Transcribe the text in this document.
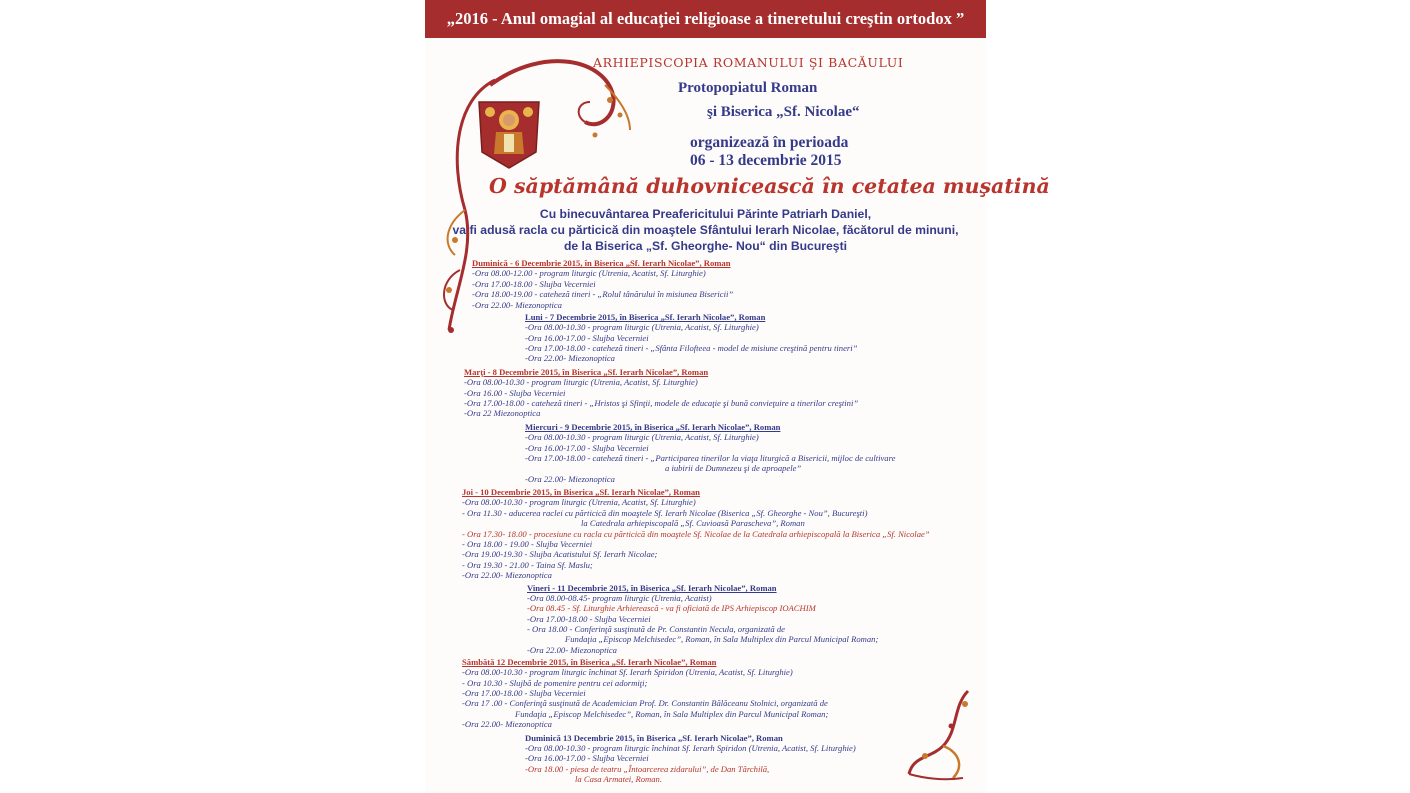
„2016 - Anul omagial al educaţiei religioase a tineretului creştin ortodox ”
ARHIEPISCOPIA ROMANULUI ŞI BACĂULUI
Protopopiatul Roman
şi Biserica „Sf. Nicolae“
organizează în perioada
06 - 13 decembrie 2015
O săptămână duhovnicească în cetatea muşatină
Cu binecuvântarea Preafericitului Părinte Patriarh Daniel,
va fi adusă racla cu părticică din moaştele Sfântului Ierarh Nicolae, făcătorul de minuni,
de la Biserica „Sf. Gheorghe- Nou“ din Bucureşti
Duminică - 6 Decembrie 2015, în Biserica „Sf. Ierarh Nicolae”, Roman
-Ora 08.00-12.00 - program liturgic (Utrenia, Acatist, Sf. Liturghie)
-Ora 17.00-18.00 - Slujba Vecerniei
-Ora 18.00-19.00 - cateheză tineri - „Rolul tânărului în misiunea Bisericii”
-Ora 22.00- Miezonoptica
Luni - 7 Decembrie 2015, în Biserica „Sf. Ierarh Nicolae”, Roman
-Ora 08.00-10.30 - program liturgic (Utrenia, Acatist, Sf. Liturghie)
-Ora 16.00-17.00 - Slujba Vecerniei
-Ora 17.00-18.00 - cateheză tineri - „Sfânta Filofteea - model de misiune creştină pentru tineri”
-Ora 22.00- Miezonoptica
Marţi - 8 Decembrie 2015, în Biserica „Sf. Ierarh Nicolae”, Roman
-Ora 08.00-10.30 - program liturgic (Utrenia, Acatist, Sf. Liturghie)
-Ora 16.00 - Slujba Vecerniei
-Ora 17.00-18.00 - cateheză tineri - „Hristos şi Sfinţii, modele de educaţie şi bună convieţuire a tinerilor creştini”
-Ora 22 Miezonoptica
Miercuri - 9 Decembrie 2015, în Biserica „Sf. Ierarh Nicolae”, Roman
-Ora 08.00-10.30 - program liturgic (Utrenia, Acatist, Sf. Liturghie)
-Ora 16.00-17.00 - Slujba Vecerniei
-Ora 17.00-18.00 - cateheză tineri - „Participarea tinerilor la viaţa liturgică a Bisericii, mijloc de cultivare
a iubirii de Dumnezeu şi de aproapele”
-Ora 22.00- Miezonoptica
Joi - 10 Decembrie 2015, în Biserica „Sf. Ierarh Nicolae”, Roman
-Ora 08.00-10.30 - program liturgic (Utrenia, Acatist, Sf. Liturghie)
- Ora 11.30 - aducerea raclei cu părticică din moaştele Sf. Ierarh Nicolae (Biserica „Sf. Gheorghe - Nou”, Bucureşti)
la Catedrala arhiepiscopală „Sf. Cuvioasă Parascheva”, Roman
- Ora 17.30- 18.00 - procesiune cu racla cu părticică din moaştele Sf. Nicolae de la Catedrala arhiepiscopală la Biserica „Sf. Nicolae”
- Ora 18.00 - 19.00 - Slujba Vecerniei
-Ora 19.00-19.30 - Slujba Acatistului Sf. Ierarh Nicolae;
- Ora 19.30 - 21.00 - Taina Sf. Maslu;
-Ora 22.00- Miezonoptica
Vineri - 11 Decembrie 2015, în Biserica „Sf. Ierarh Nicolae”, Roman
-Ora 08.00-08.45- program liturgic (Utrenia, Acatist)
-Ora 08.45 - Sf. Liturghie Arhierească - va fi oficiată de IPS Arhiepiscop IOACHIM
-Ora 17.00-18.00 - Slujba Vecerniei
- Ora 18.00 - Conferinţă susţinută de Pr. Constantin Necula, organizată de
Fundaţia „Episcop Melchisedec”, Roman, în Sala Multiplex din Parcul Municipal Roman;
-Ora 22.00- Miezonoptica
Sâmbătă 12 Decembrie 2015, în Biserica „Sf. Ierarh Nicolae”, Roman
-Ora 08.00-10.30 - program liturgic închinat Sf. Ierarh Spiridon (Utrenia, Acatist, Sf. Liturghie)
- Ora 10.30 - Slujbă de pomenire pentru cei adormiţi;
-Ora 17.00-18.00 - Slujba Vecerniei
-Ora 17 .00 - Conferinţă susţinută de Academician Prof. Dr. Constantin Bălăceanu Stolnici, organizată de
Fundaţia „Episcop Melchisedec”, Roman, în Sala Multiplex din Parcul Municipal Roman;
-Ora 22.00- Miezonoptica
Duminică 13 Decembrie 2015, în Biserica „Sf. Ierarh Nicolae”, Roman
-Ora 08.00-10.30 - program liturgic închinat Sf. Ierarh Spiridon (Utrenia, Acatist, Sf. Liturghie)
-Ora 16.00-17.00 - Slujba Vecerniei
-Ora 18.00 - piesa de teatru „Întoarcerea zidarului”, de Dan Târchilă,
la Casa Armatei, Roman.
